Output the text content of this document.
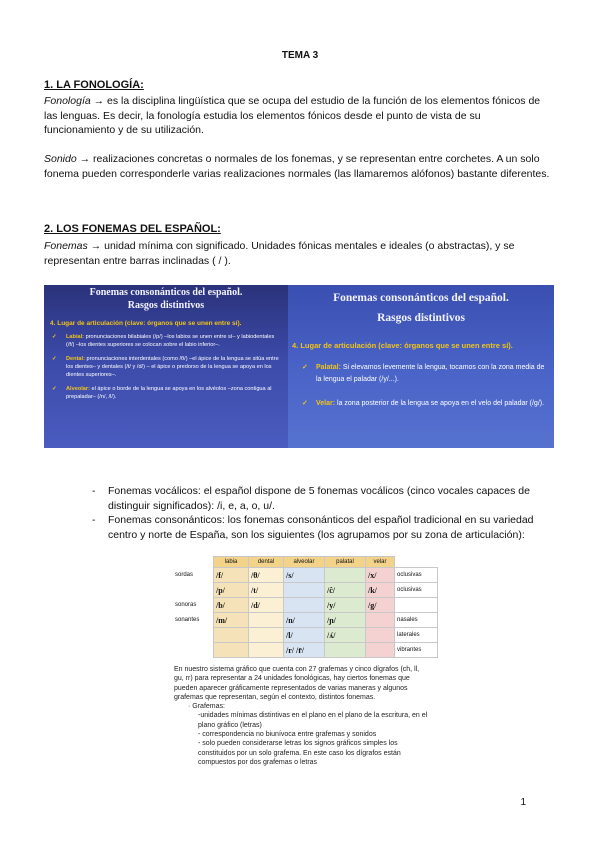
TEMA 3
1. LA FONOLOGÍA:

Fonología → es la disciplina lingüística que se ocupa del estudio de la función de los elementos fónicos de las lenguas. Es decir, la fonología estudia los elementos fónicos desde el punto de vista de su funcionamiento y de su utilización.

Sonido → realizaciones concretas o normales de los fonemas, y se representan entre corchetes. A un solo fonema pueden corresponderle varias realizaciones normales (las llamaremos alófonos) bastante diferentes.

2. LOS FONEMAS DEL ESPAÑOL:

Fonemas → unidad mínima con significado. Unidades fónicas mentales e ideales (o abstractas), y se representan entre barras inclinadas ( / ).

Fonemas consonánticos del español.
Rasgos distintivos
4. Lugar de articulación (clave: órganos que se unen entre sí).
✓ Labial: pronunciaciones bilabiales (/p/) –los labios se unen entre sí– y labiodentales (/f/) –los dientes superiores se colocan sobre el labio inferior–.
✓ Dental: pronunciaciones interdentales (como /θ/) –el ápice de la lengua se sitúa entre los dientes– y dentales (/t/ y /d/) – el ápice o predorso de la lengua se apoya en los dientes superiores–.
✓ Alveolar: el ápice o borde de la lengua se apoya en los alvéolos –zona contigua al prepaladar– (/n/, /l/).
Fonemas consonánticos del español.
Rasgos distintivos
4. Lugar de articulación (clave: órganos que se unen entre sí).
✓ Palatal: Si elevamos levemente la lengua, tocamos con la zona media de la lengua el paladar (/y/...).
✓ Velar: la zona posterior de la lengua se apoya en el velo del paladar (/g/).
- Fonemas vocálicos: el español dispone de 5 fonemas vocálicos (cinco vocales capaces de distinguir significados): /i, e, a, o, u/.
- Fonemas consonánticos: los fonemas consonánticos del español tradicional en su variedad centro y norte de España, son los siguientes (los agrupamos por su zona de articulación):
	labia	dental	alveolar	palatal	velar	
sordas	/f/	/θ/	/s/		/x/	oclusivas
	/p/	/t/		/ĉ/	/k/	oclusivas
sonoras	/b/	/d/		/y/	/g/	
sonantes	/m/		/n/	/ɲ/		nasales
			/l/	/ʎ/		laterales
			/r/ /r̄/			vibrantes

En nuestro sistema gráfico que cuenta con 27 grafemas y cinco dígrafos (ch, ll, gu, rr) para representar a 24 unidades fonológicas, hay ciertos fonemas que pueden aparecer gráficamente representados de varias maneras y algunos grafemas que representan, según el contexto, distintos fonemas.

· Grafemas:

-unidades mínimas distintivas en el plano en el plano de la escritura, en el plano gráfico (letras)

- correspondencia no biunívoca entre grafemas y sonidos

- solo pueden considerarse letras los signos gráficos simples los constituidos por un solo grafema. En este caso los dígrafos están compuestos por dos grafemas o letras

1
